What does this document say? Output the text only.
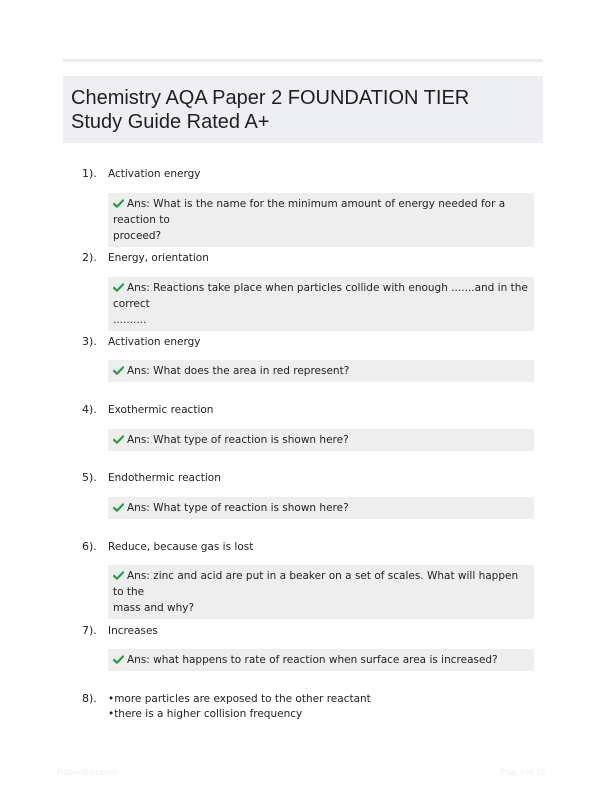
Chemistry AQA Paper 2 FOUNDATION TIER
Study Guide Rated A+
1). Activation energy
Ans: What is the name for the minimum amount of energy needed for a reaction to
proceed?
2). Energy, orientation
Ans: Reactions take place when particles collide with enough .......and in the correct
..........
3). Activation energy
Ans: What does the area in red represent?
4). Exothermic reaction
Ans: What type of reaction is shown here?
5). Endothermic reaction
Ans: What type of reaction is shown here?
6). Reduce, because gas is lost
Ans: zinc and acid are put in a beaker on a set of scales. What will happen to the
mass and why?
7). Increases
Ans: what happens to rate of reaction when surface area is increased?
8). •more particles are exposed to the other reactant
•there is a higher collision frequency
Paperfiber.com	Page 1 of 12
